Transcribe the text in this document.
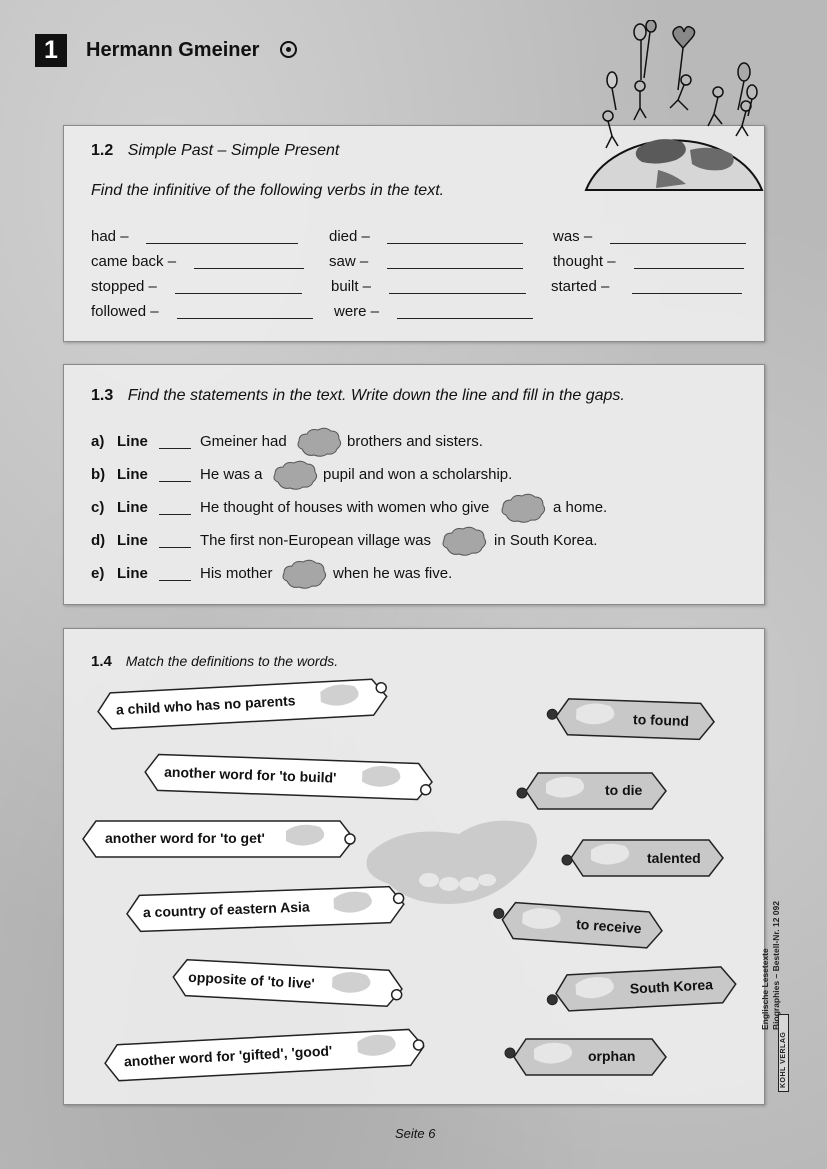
1	Hermann Gmeiner
1.2 Simple Past – Simple Present
Find the infinitive of the following verbs in the text.
had –	died –	was –
came back –	saw –	thought –
stopped –	built –	started –
followed –	were –
1.3 Find the statements in the text. Write down the line and fill in the gaps.
a) Line	Gmeiner had	brothers and sisters.
b) Line	He was a	pupil and won a scholarship.
c) Line	He thought of houses with women who give	a home.
d) Line	The first non-European village was	in South Korea.
e) Line	His mother	when he was five.
1.4 Match the definitions to the words.
a child who has no parents
another word for 'to build'
another word for 'to get'
a country of eastern Asia
opposite of 'to live'
another word for 'gifted', 'good'
to found
to die
talented
to receive
South Korea
orphan
Englische Lesetexte Biographies – Bestell-Nr. 12 092
KOHL VERLAG
Seite 6
